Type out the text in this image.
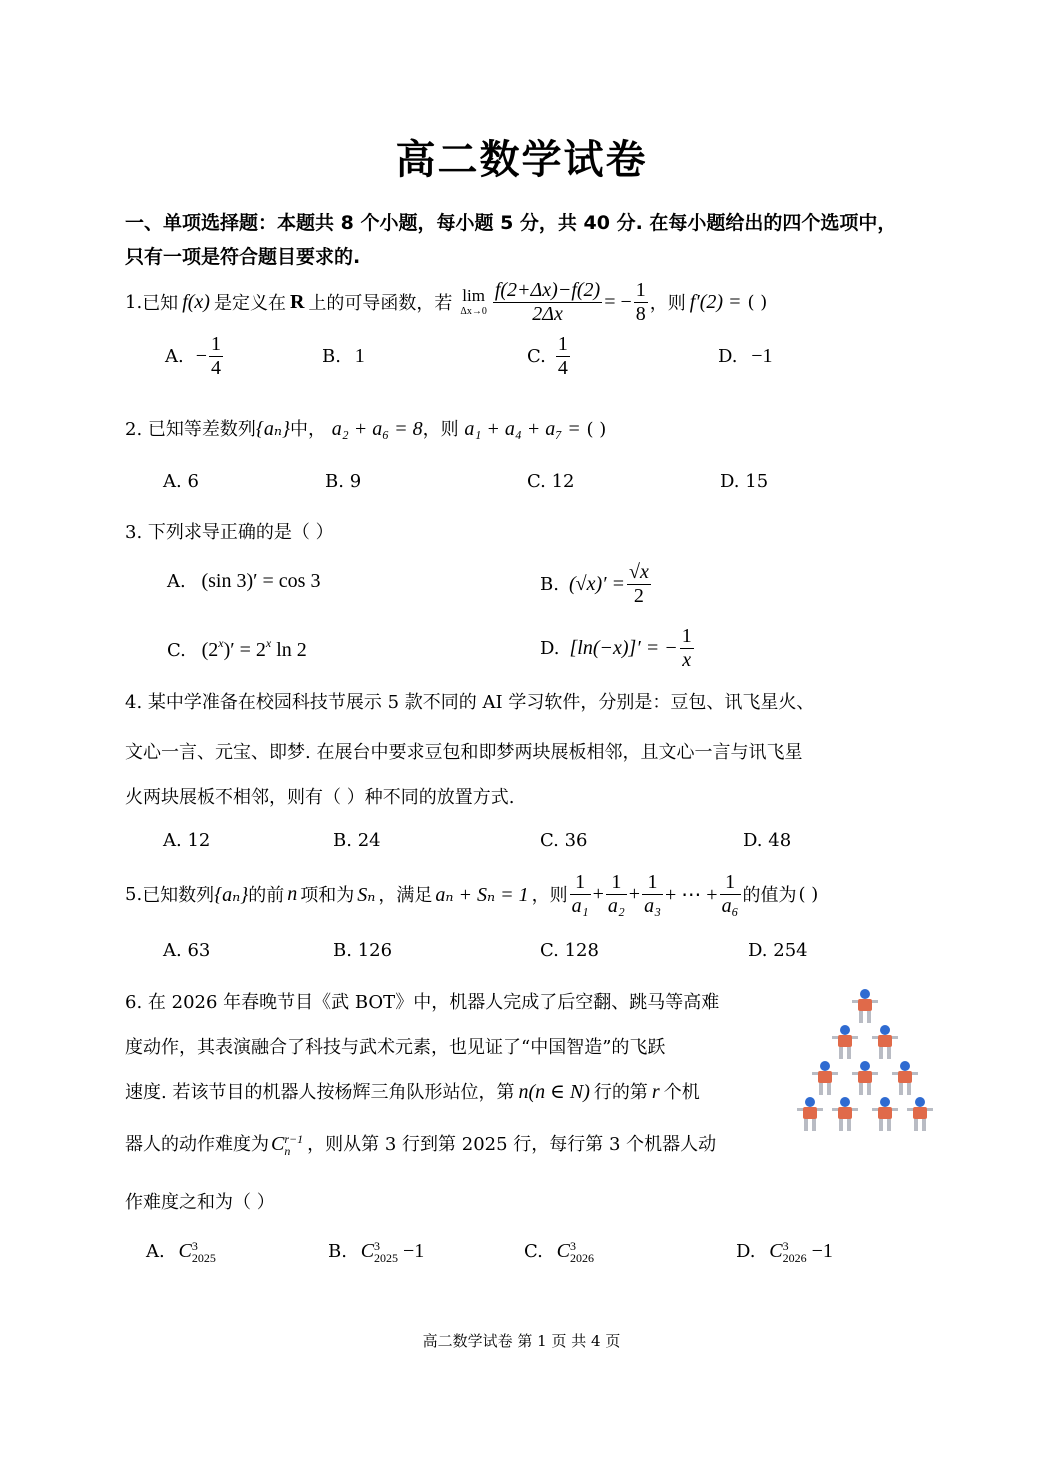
高二数学试卷
一、单项选择题：本题共 8 个小题，每小题 5 分，共 40 分. 在每小题给出的四个选项中，
只有一项是符合题目要求的.
1. 已知 f(x) 是定义在 R 上的可导函数，若 lim
$\Delta x\to 0 \frac{f(2+\Delta x)-f(2)}{2\Delta x}$ = − $\frac{1}{8}$ ，则 f′(2) = ( )
A. − $\frac{1}{4}$	B. 1	C. $\frac{1}{4}$	D. −1
2. 已知等差数列{aₙ}中， a₂ + a₆ = 8，则 a₁ + a₄ + a₇ = ( )
A. 6	B. 9	C. 12	D. 15
3. 下列求导正确的是（ ）
A. (sin 3)′ = cos 3	B. $(√x)' = \frac{√x}{2}$
C. $(2^x)' = 2^x$ ln 2	D. [ln(−x)]′ = − $\frac{1}{x}$
4. 某中学准备在校园科技节展示 5 款不同的 AI 学习软件，分别是：豆包、讯飞星火、
文心一言、元宝、即梦. 在展台中要求豆包和即梦两块展板相邻，且文心一言与讯飞星
火两块展板不相邻，则有（ ）种不同的放置方式.
A. 12	B. 24	C. 36	D. 48
5. 已知数列 {aₙ} 的前 n 项和为 Sₙ ，满足 aₙ + Sₙ = 1 ，则 $\frac{1}{\text{a₁}} + \frac{1}{\text{a₂}} + \frac{1}{\text{a₃}}$ + ⋯ + $\frac{1}{\text{a₆}}$ 的值为 ( )
A. 63	B. 126	C. 128	D. 254
6. 在 2026 年春晚节目《武 BOT》中，机器人完成了后空翻、跳马等高难
度动作，其表演融合了科技与武术元素，也见证了“中国智造”的飞跃
速度. 若该节目的机器人按杨辉三角队形站位，第 n(n ∈ N) 行的第 r 个机
器人的动作难度为 C r−1
n ，则从第 3 行到第 2025 行，每行第 3 个机器人动
作难度之和为（ ）
A. C 3
2025	B. C 3
2025 −1	C. C 3
2026	D. C 3
2026 −1
高二数学试卷 第 1 页 共 4 页
